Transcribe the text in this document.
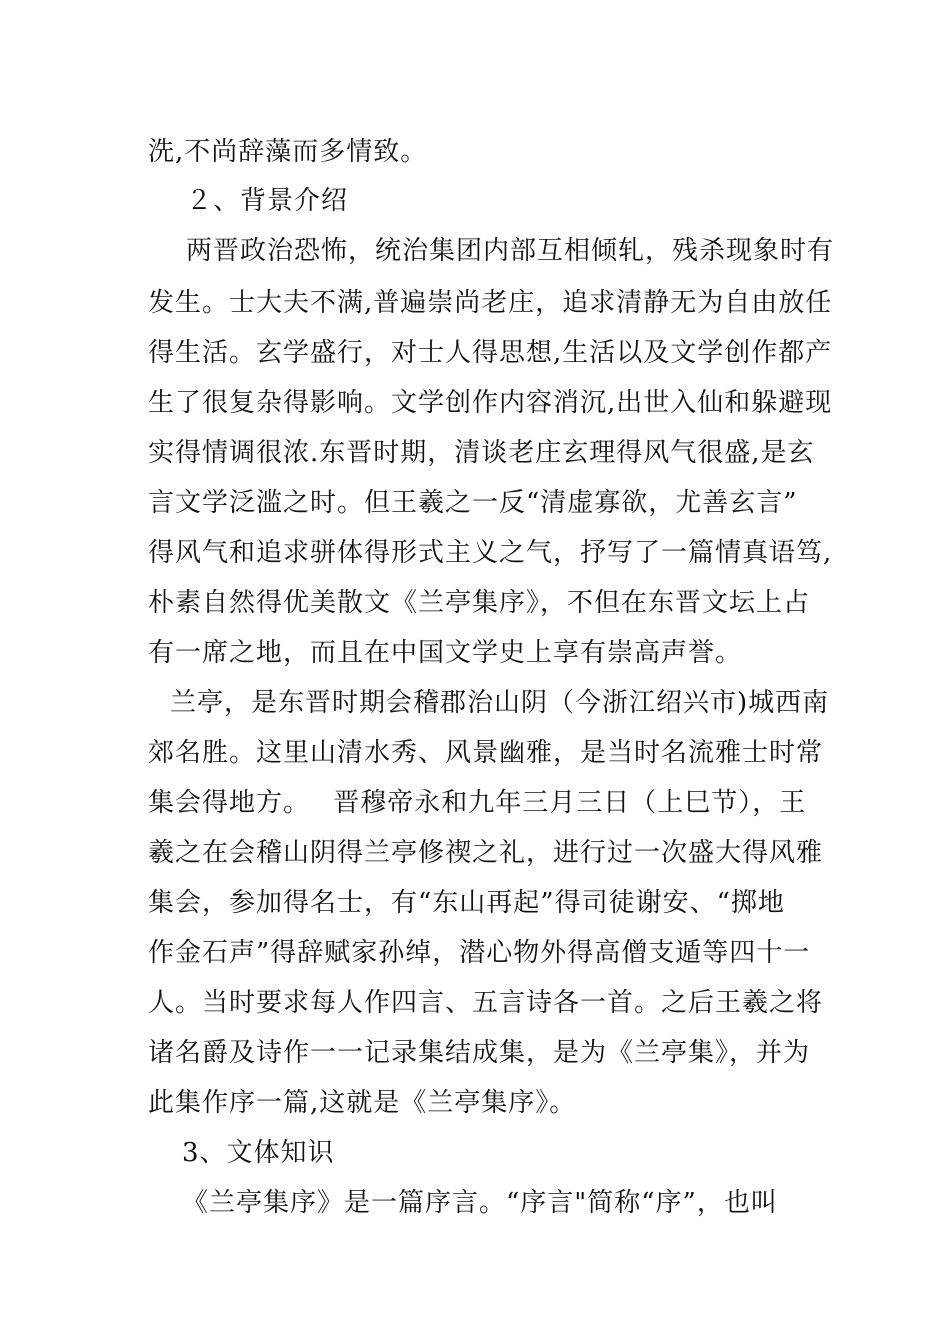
洗,不尚辞藻而多情致。
２、背景介绍
两晋政治恐怖，统治集团内部互相倾轧，残杀现象时有
发生。士大夫不满,普遍崇尚老庄，追求清静无为自由放任
得生活。玄学盛行，对士人得思想,生活以及文学创作都产
生了很复杂得影响。文学创作内容消沉,出世入仙和躲避现
实得情调很浓.东晋时期，清谈老庄玄理得风气很盛,是玄
言文学泛滥之时。但王羲之一反“清虚寡欲，尤善玄言”
得风气和追求骈体得形式主义之气，抒写了一篇情真语笃,
朴素自然得优美散文《兰亭集序》，不但在东晋文坛上占
有一席之地，而且在中国文学史上享有崇高声誉。
兰亭，是东晋时期会稽郡治山阴（今浙江绍兴市)城西南
郊名胜。这里山清水秀、风景幽雅，是当时名流雅士时常
集会得地方。　 晋穆帝永和九年三月三日（上巳节），王
羲之在会稽山阴得兰亭修禊之礼，进行过一次盛大得风雅
集会，参加得名士，有“东山再起”得司徒谢安、“掷地
作金石声”得辞赋家孙绰，潜心物外得高僧支遁等四十一
人。当时要求每人作四言、五言诗各一首。之后王羲之将
诸名爵及诗作一一记录集结成集，是为《兰亭集》，并为
此集作序一篇,这就是《兰亭集序》。
3、文体知识
《兰亭集序》是一篇序言。“序言"简称“序”，也叫
